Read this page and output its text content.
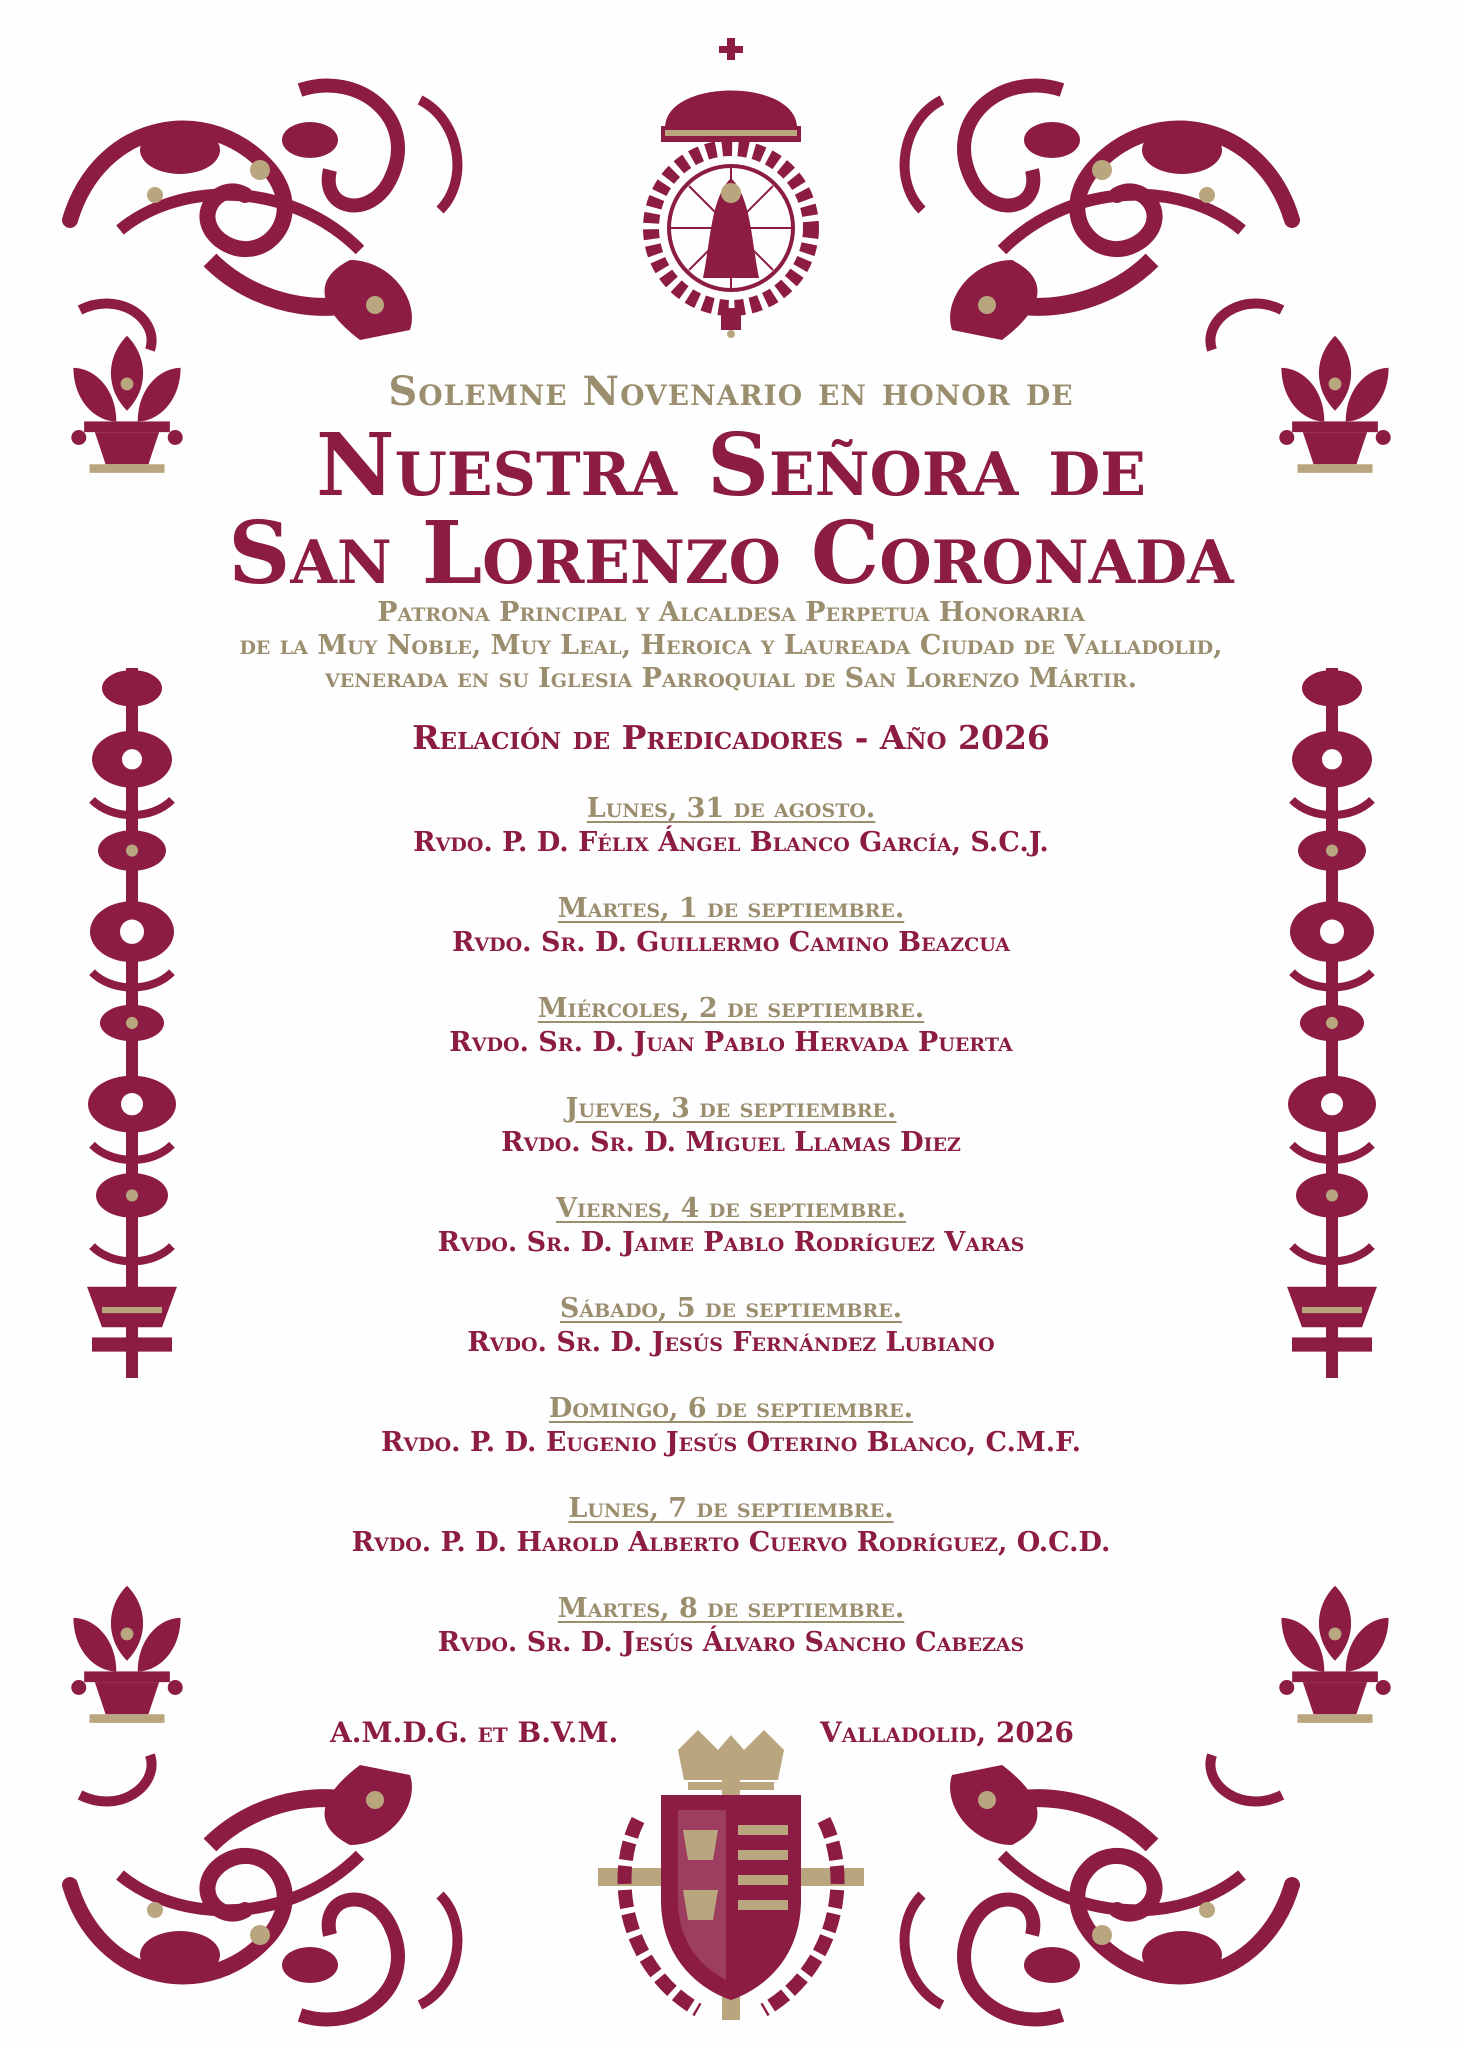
Solemne Novenario en honor de
Nuestra Señora de
San Lorenzo Coronada
Patrona Principal y Alcaldesa Perpetua Honoraria
de la Muy Noble, Muy Leal, Heroica y Laureada Ciudad de Valladolid,
venerada en su Iglesia Parroquial de San Lorenzo Mártir.
Relación de Predicadores - Año 2026
Lunes, 31 de agosto.
Rvdo. P. D. Félix Ángel Blanco García, S.C.J.
Martes, 1 de septiembre.
Rvdo. Sr. D. Guillermo Camino Beazcua
Miércoles, 2 de septiembre.
Rvdo. Sr. D. Juan Pablo Hervada Puerta
Jueves, 3 de septiembre.
Rvdo. Sr. D. Miguel Llamas Diez
Viernes, 4 de septiembre.
Rvdo. Sr. D. Jaime Pablo Rodríguez Varas
Sábado, 5 de septiembre.
Rvdo. Sr. D. Jesús Fernández Lubiano
Domingo, 6 de septiembre.
Rvdo. P. D. Eugenio Jesús Oterino Blanco, C.M.F.
Lunes, 7 de septiembre.
Rvdo. P. D. Harold Alberto Cuervo Rodríguez, O.C.D.
Martes, 8 de septiembre.
Rvdo. Sr. D. Jesús Álvaro Sancho Cabezas
A.M.D.G. et B.V.M.	Valladolid, 2026
